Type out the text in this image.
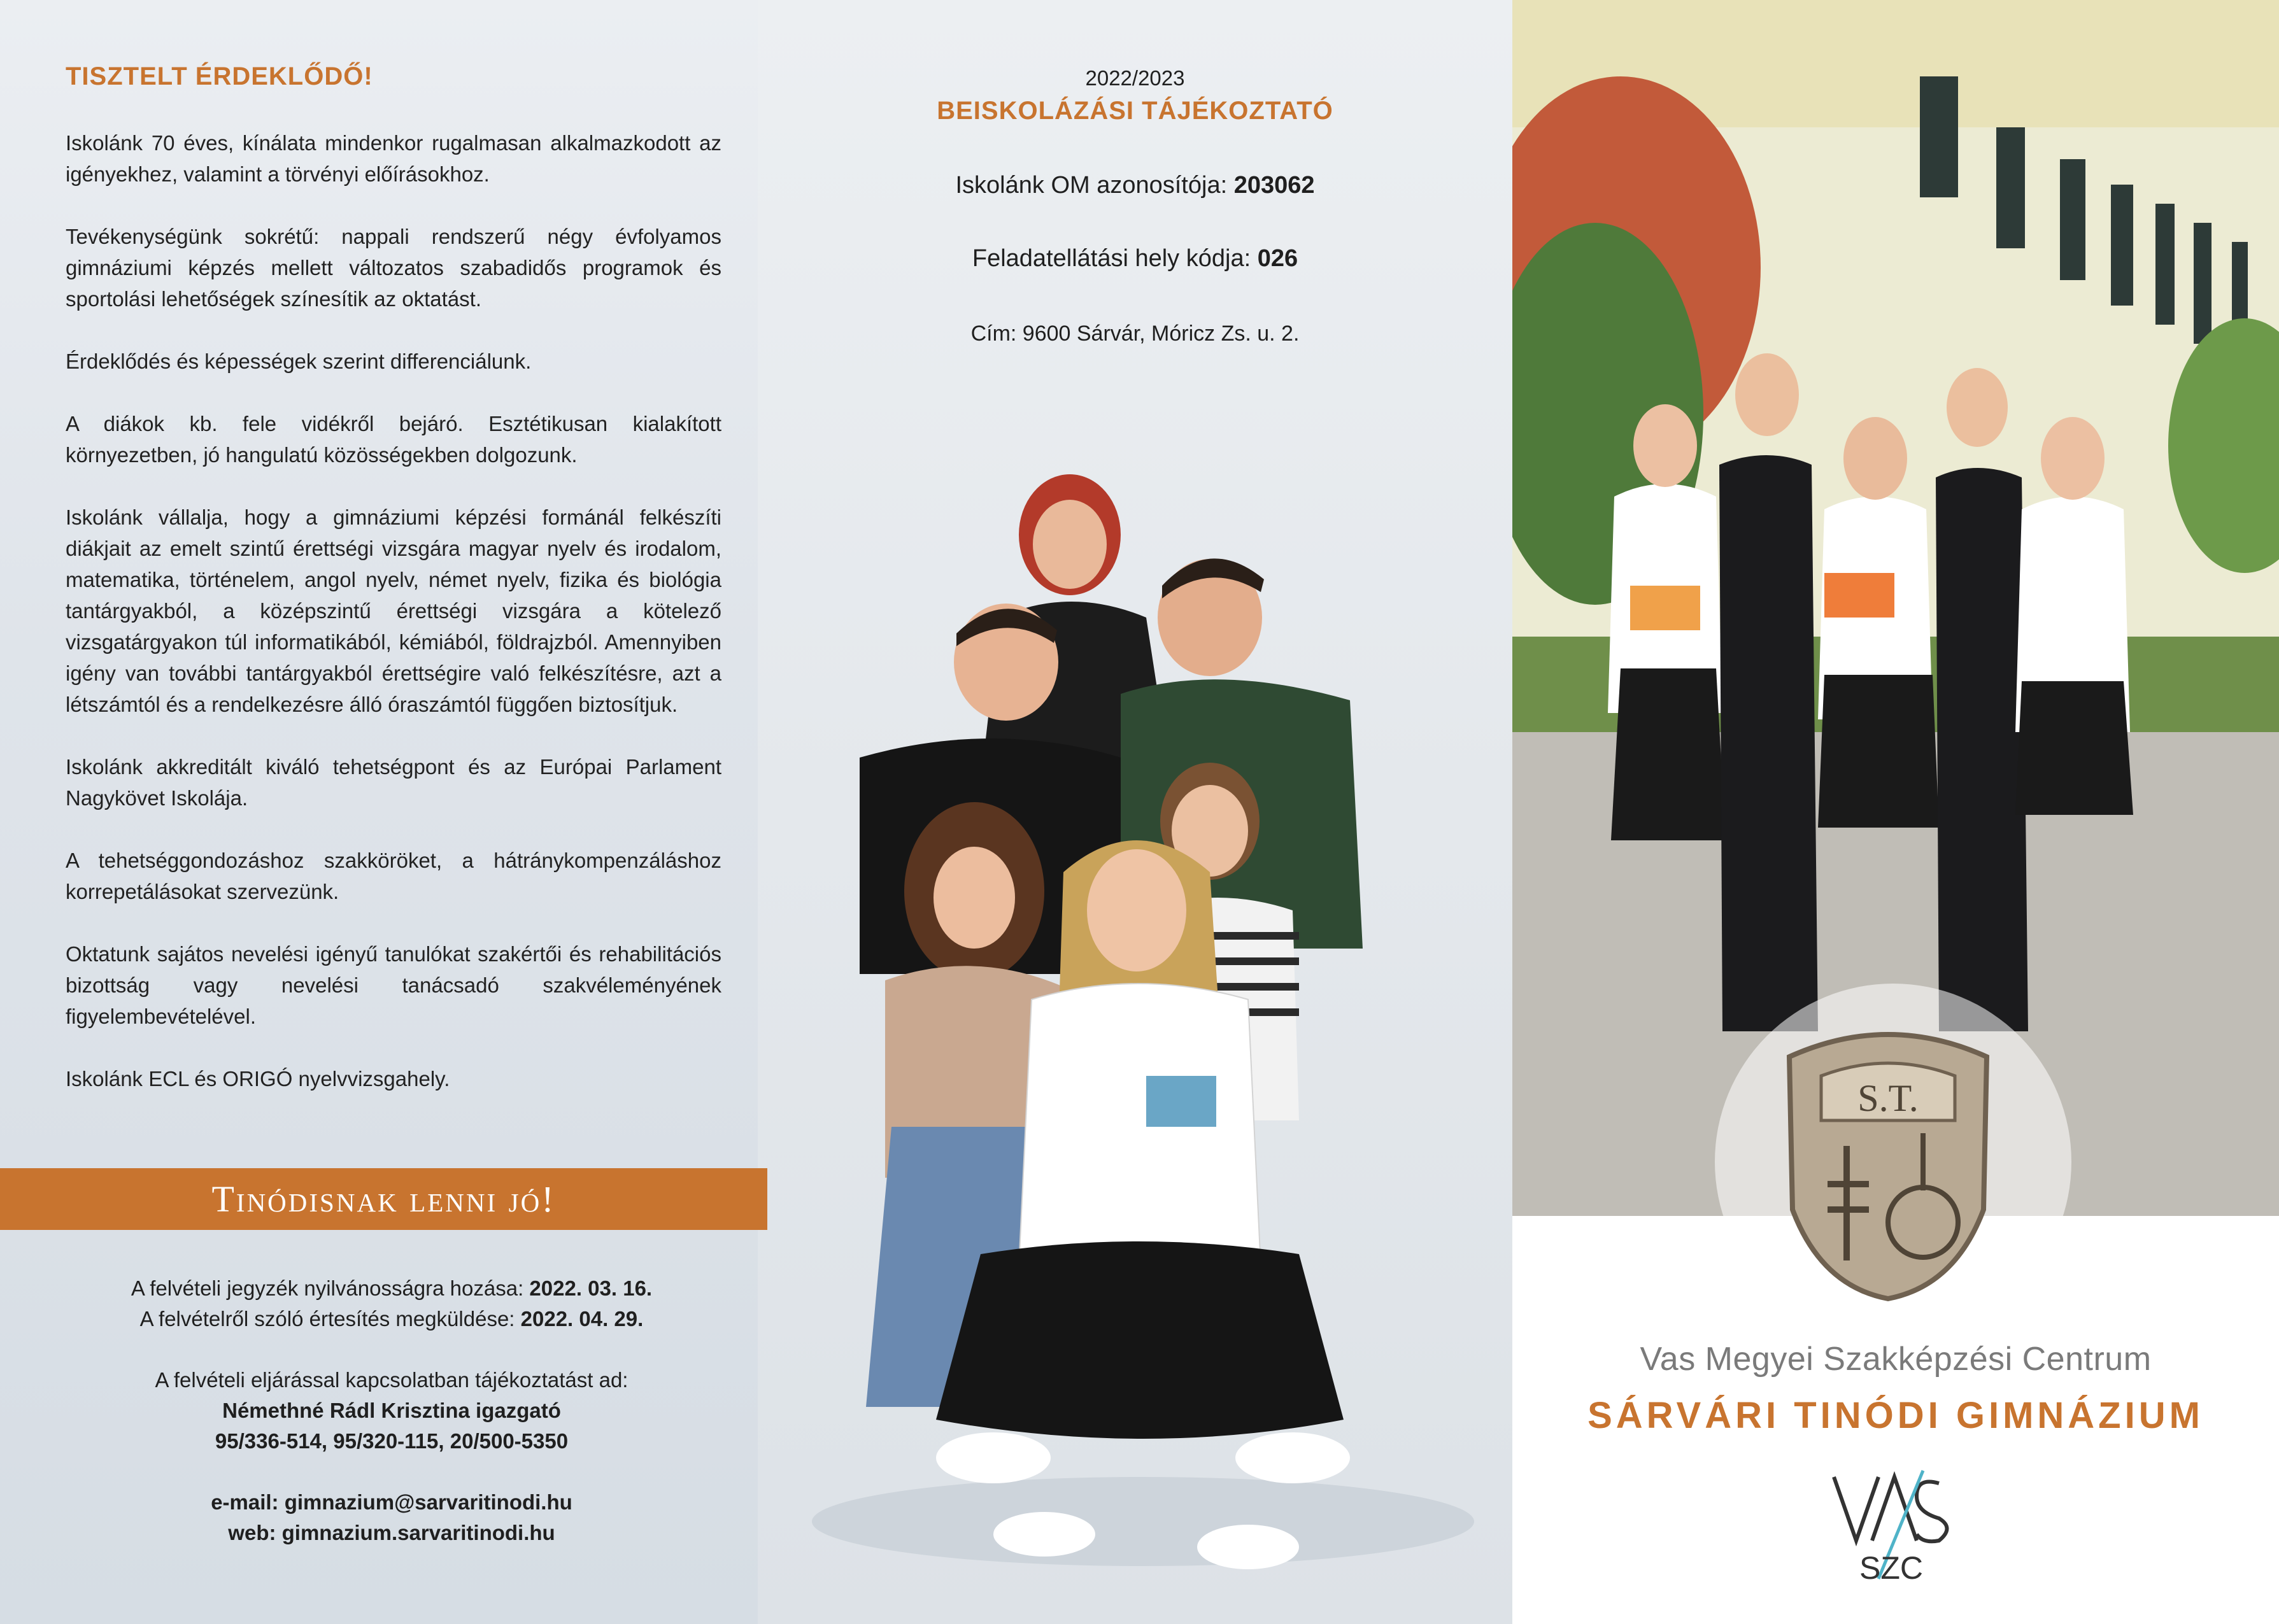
TISZTELT ÉRDEKLŐDŐ!

Iskolánk 70 éves, kínálata mindenkor rugalmasan alkalmazkodott az igényekhez, valamint a törvényi előírásokhoz.

Tevékenységünk sokrétű: nappali rendszerű négy évfolyamos gimnáziumi képzés mellett változatos szabadidős programok és sportolási lehetőségek színesítik az oktatást.

Érdeklődés és képességek szerint differenciálunk.

A diákok kb. fele vidékről bejáró. Esztétikusan kialakított környezetben, jó hangulatú közösségekben dolgozunk.

Iskolánk vállalja, hogy a gimnáziumi képzési formánál felkészíti diákjait az emelt szintű érettségi vizsgára magyar nyelv és irodalom, matematika, történelem, angol nyelv, német nyelv, fizika és biológia tantárgyakból, a középszintű érettségi vizsgára a kötelező vizsgatárgyakon túl informatikából, kémiából, földrajzból. Amennyiben igény van további tantárgyakból érettségire való felkészítésre, azt a létszámtól és a rendelkezésre álló óraszámtól függően biztosítjuk.

Iskolánk akkreditált kiváló tehetségpont és az Európai Parlament Nagykövet Iskolája.

A tehetséggondozáshoz szakköröket, a hátránykompenzáláshoz korrepetálásokat szervezünk.

Oktatunk sajátos nevelési igényű tanulókat szakértői és rehabilitációs bizottság vagy nevelési tanácsadó szakvéleményének figyelembevételével.

Iskolánk ECL és ORIGÓ nyelvvizsgahely.

Tinódisnak lenni jó!
A felvételi jegyzék nyilvánosságra hozása: 2022. 03. 16.
A felvételről szóló értesítés megküldése: 2022. 04. 29.
A felvételi eljárással kapcsolatban tájékoztatást ad:
Némethné Rádl Krisztina igazgató
95/336-514, 95/320-115, 20/500-5350
e-mail: gimnazium@sarvaritinodi.hu
web: gimnazium.sarvaritinodi.hu
2022/2023
BEISKOLÁZÁSI TÁJÉKOZTATÓ
Iskolánk OM azonosítója: 203062
Feladatellátási hely kódja: 026
Cím: 9600 Sárvár, Móricz Zs. u. 2.
S.T.
Vas Megyei Szakképzési Centrum
SÁRVÁRI TINÓDI GIMNÁZIUM
SZC
